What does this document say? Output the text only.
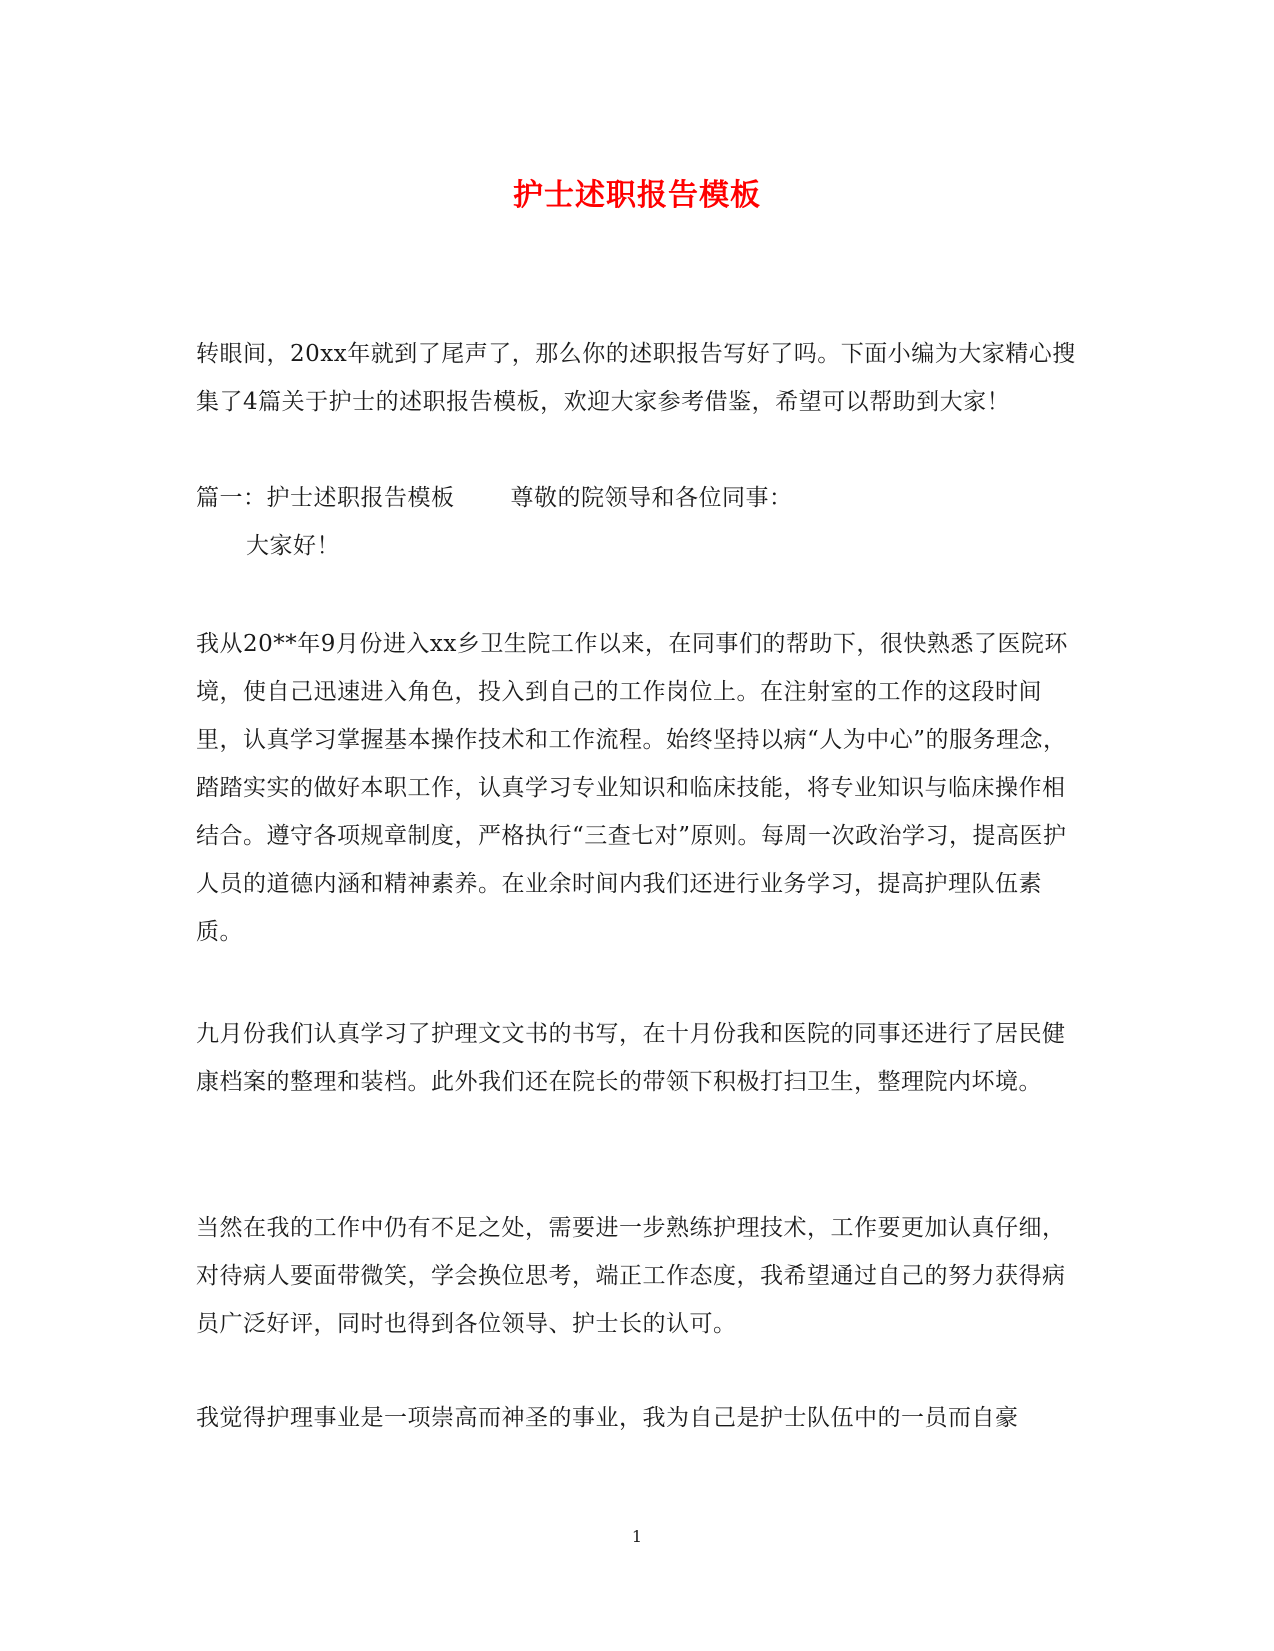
护士述职报告模板

转眼间，20xx年就到了尾声了，那么你的述职报告写好了吗。下面小编为大家精心搜集了4篇关于护士的述职报告模板，欢迎大家参考借鉴，希望可以帮助到大家！

篇一：护士述职报告模板 尊敬的院领导和各位同事：

大家好！

我从20**年9月份进入xx乡卫生院工作以来，在同事们的帮助下，很快熟悉了医院环境，使自己迅速进入角色，投入到自己的工作岗位上。在注射室的工作的这段时间里，认真学习掌握基本操作技术和工作流程。始终坚持以病“人为中心”的服务理念，踏踏实实的做好本职工作，认真学习专业知识和临床技能，将专业知识与临床操作相结合。遵守各项规章制度，严格执行“三查七对”原则。每周一次政治学习，提高医护人员的道德内涵和精神素养。在业余时间内我们还进行业务学习，提高护理队伍素质。

九月份我们认真学习了护理文文书的书写，在十月份我和医院的同事还进行了居民健康档案的整理和装档。此外我们还在院长的带领下积极打扫卫生，整理院内坏境。

当然在我的工作中仍有不足之处，需要进一步熟练护理技术，工作要更加认真仔细，对待病人要面带微笑，学会换位思考，端正工作态度，我希望通过自己的努力获得病员广泛好评，同时也得到各位领导、护士长的认可。

我觉得护理事业是一项崇高而神圣的事业，我为自己是护士队伍中的一员而自豪

1
